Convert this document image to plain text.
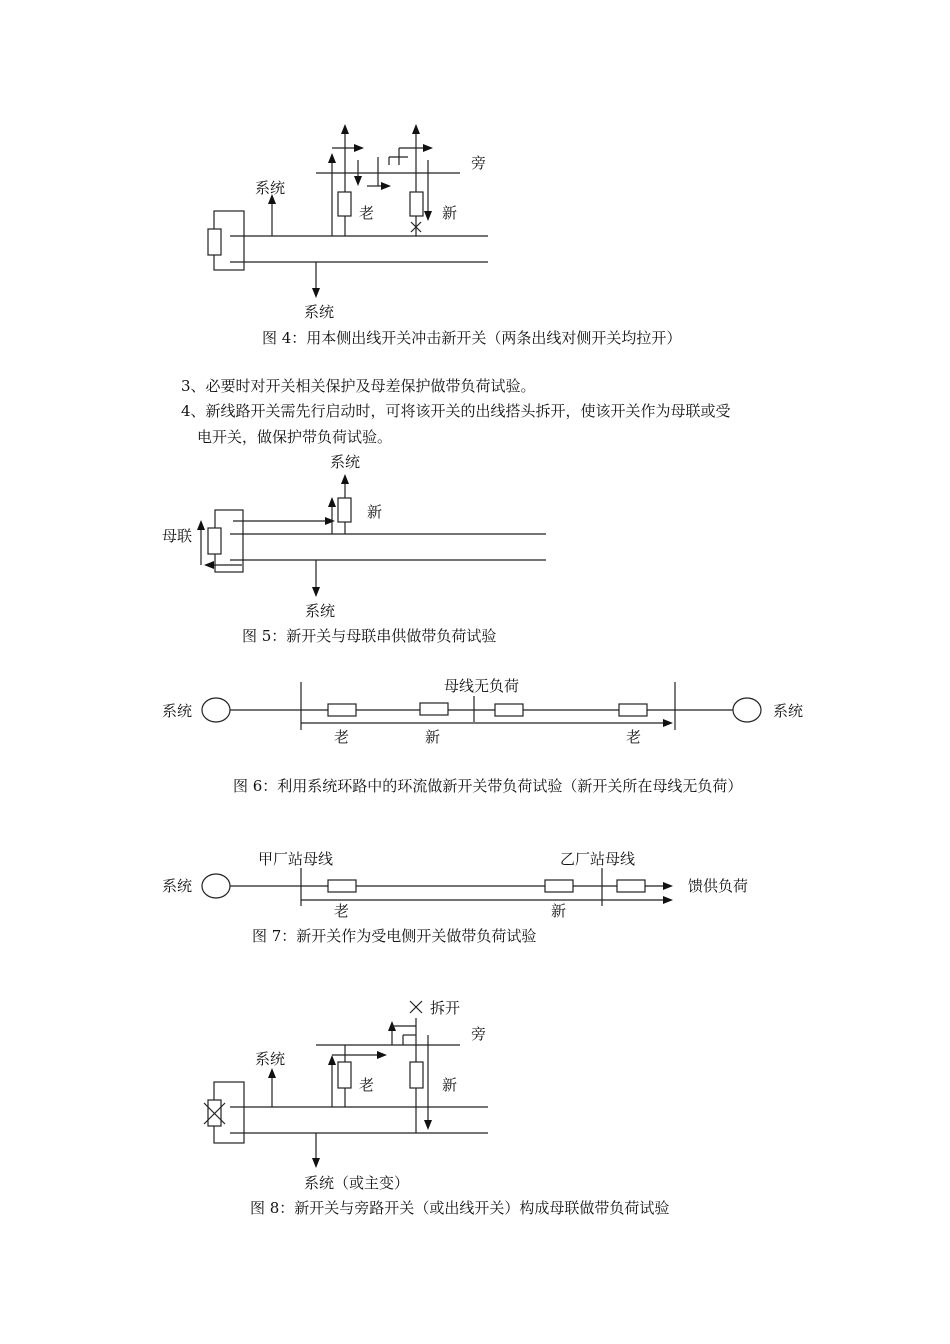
3、必要时对开关相关保护及母差保护做带负荷试验。
4、新线路开关需先行启动时，可将该开关的出线搭头拆开，使该开关作为母联或受
电开关，做保护带负荷试验。
系统
系统
老	新
旁
图 4：用本侧出线开关冲击新开关（两条出线对侧开关均拉开）
系统
新
母联
系统
图 5：新开关与母联串供做带负荷试验
母线无负荷
系统	系统
老	新	老
图 6：利用系统环路中的环流做新开关带负荷试验（新开关所在母线无负荷）
甲厂站母线	乙厂站母线
系统	馈供负荷
老	新
图 7：新开关作为受电侧开关做带负荷试验
系统
系统（或主变）
老
拆开
旁
新
图 8：新开关与旁路开关（或出线开关）构成母联做带负荷试验
